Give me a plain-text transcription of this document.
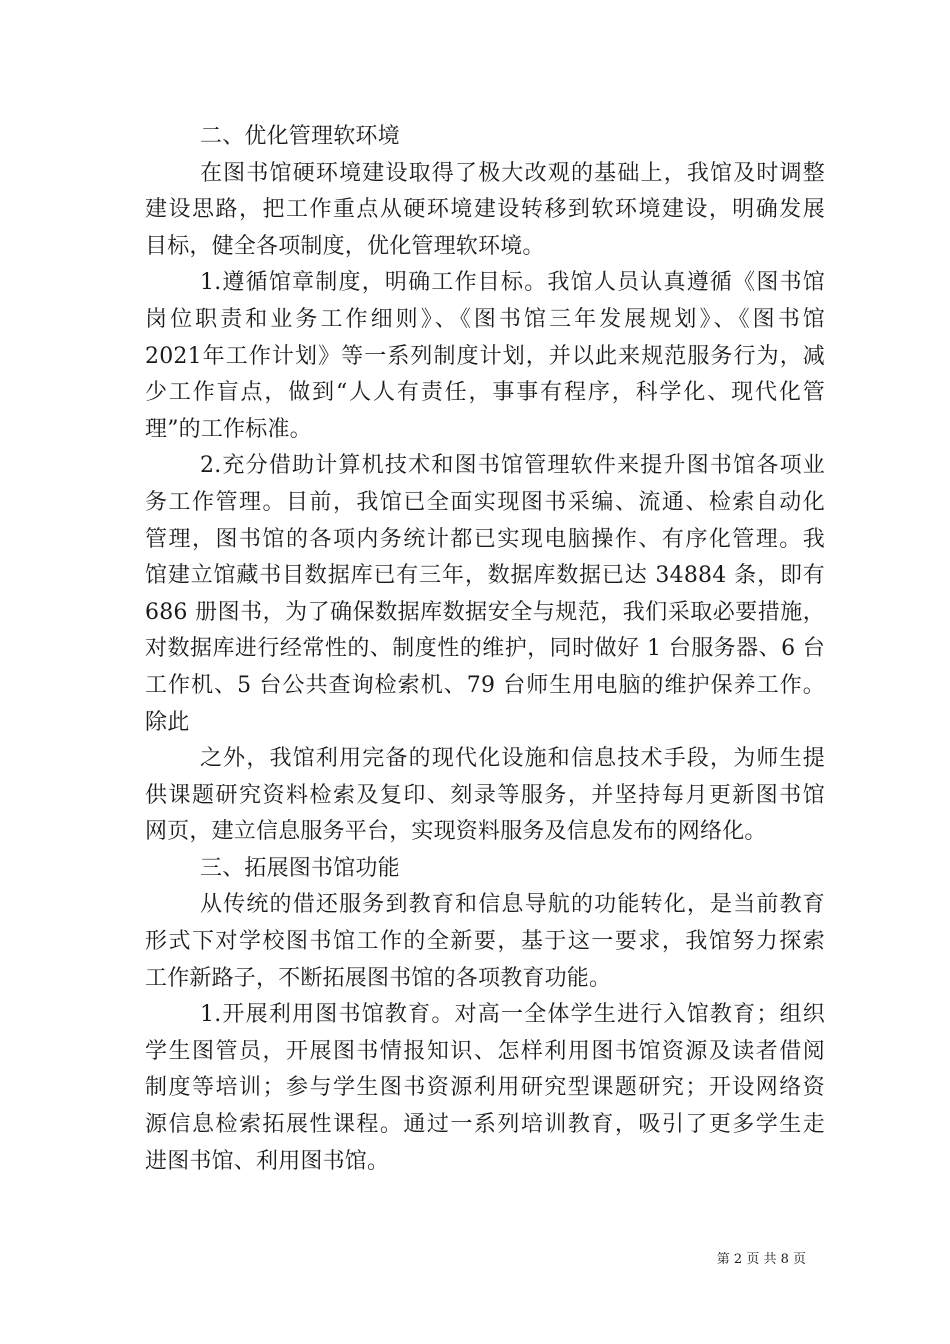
二、优化管理软环境
在图书馆硬环境建设取得了极大改观的基础上，我馆及时调整
建设思路，把工作重点从硬环境建设转移到软环境建设，明确发展
目标，健全各项制度，优化管理软环境。
1.遵循馆章制度，明确工作目标。我馆人员认真遵循《图书馆
岗位职责和业务工作细则》、《图书馆三年发展规划》、《图书馆
2021年工作计划》等一系列制度计划，并以此来规范服务行为，减
少工作盲点，做到“人人有责任，事事有程序，科学化、现代化管
理”的工作标准。
2.充分借助计算机技术和图书馆管理软件来提升图书馆各项业
务工作管理。目前，我馆已全面实现图书采编、流通、检索自动化
管理，图书馆的各项内务统计都已实现电脑操作、有序化管理。我
馆建立馆藏书目数据库已有三年，数据库数据已达 34884 条，即有
686 册图书，为了确保数据库数据安全与规范，我们采取必要措施，
对数据库进行经常性的、制度性的维护，同时做好 1 台服务器、6 台
工作机、5 台公共查询检索机、79 台师生用电脑的维护保养工作。
除此
之外，我馆利用完备的现代化设施和信息技术手段，为师生提
供课题研究资料检索及复印、刻录等服务，并坚持每月更新图书馆
网页，建立信息服务平台，实现资料服务及信息发布的网络化。
三、拓展图书馆功能
从传统的借还服务到教育和信息导航的功能转化，是当前教育
形式下对学校图书馆工作的全新要，基于这一要求，我馆努力探索
工作新路子，不断拓展图书馆的各项教育功能。
1.开展利用图书馆教育。对高一全体学生进行入馆教育；组织
学生图管员，开展图书情报知识、怎样利用图书馆资源及读者借阅
制度等培训；参与学生图书资源利用研究型课题研究；开设网络资
源信息检索拓展性课程。通过一系列培训教育，吸引了更多学生走
进图书馆、利用图书馆。
第 2 页 共 8 页
